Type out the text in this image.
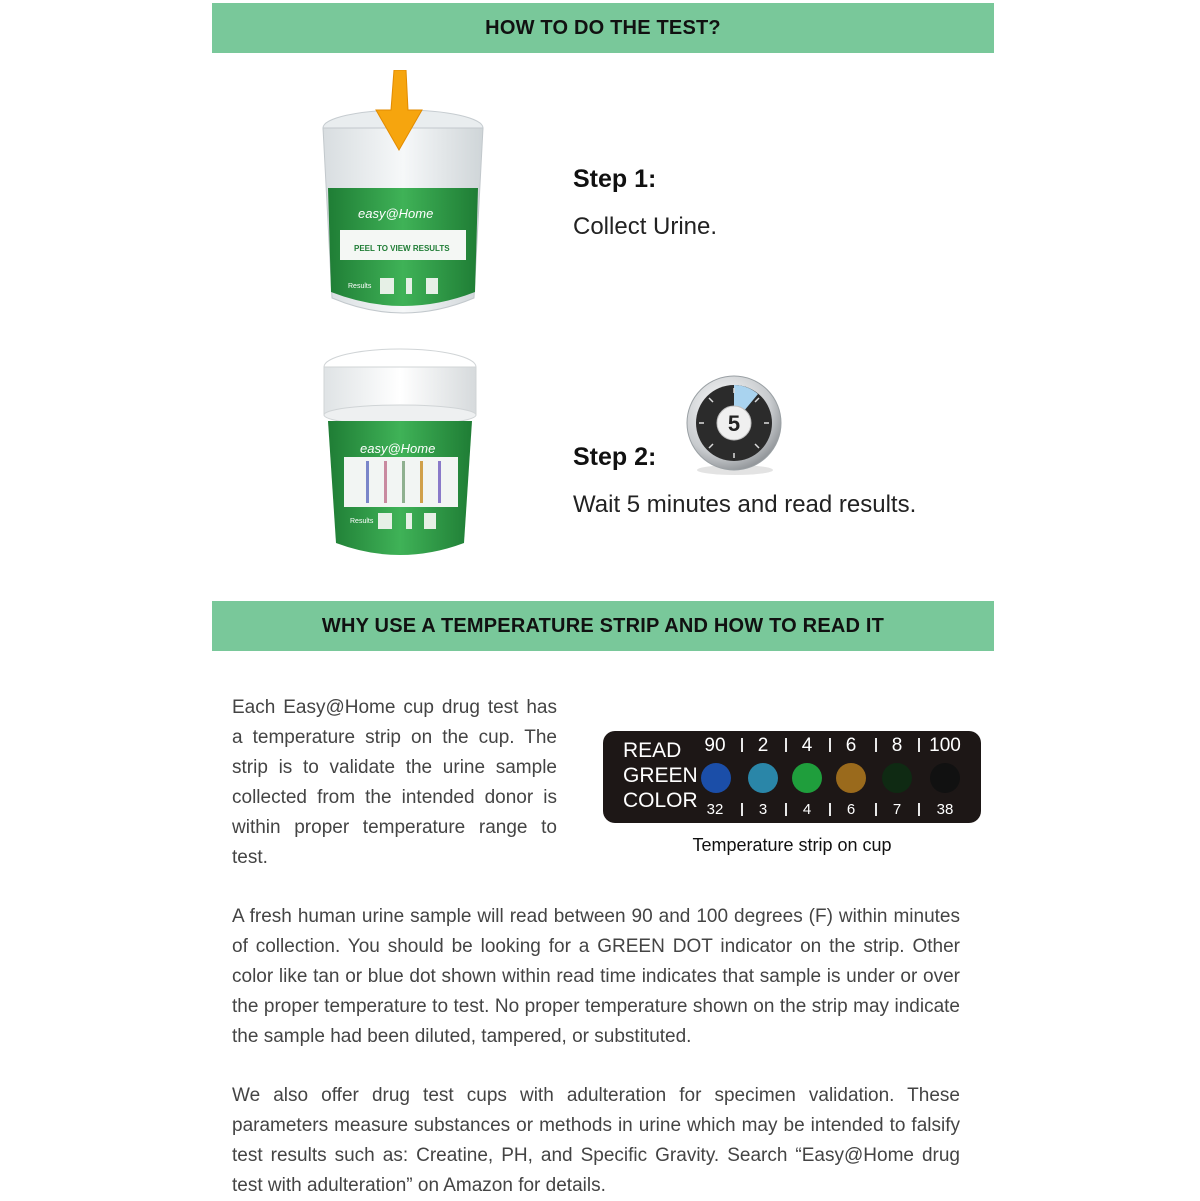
HOW TO DO THE TEST?
easy@Home
PEEL TO VIEW RESULTS
Results
Step 1:
Collect Urine.
easy@Home
Results
5
Step 2:
Wait 5 minutes and read results.
WHY USE A TEMPERATURE STRIP AND HOW TO READ IT
Each Easy@Home cup drug test has a temperature strip on the cup. The strip is to validate the urine sample collected from the intended donor is within proper temperature range to test.
READ
GREEN
COLOR
90 2 4 6 8 100
32	3	4	6	7	38
Temperature strip on cup
A fresh human urine sample will read between 90 and 100 degrees (F) within minutes of collection. You should be looking for a GREEN DOT indicator on the strip. Other color like tan or blue dot shown within read time indicates that sample is under or over the proper temperature to test. No proper temperature shown on the strip may indicate the sample had been diluted, tampered, or substituted.
We also offer drug test cups with adulteration for specimen validation. These parameters measure substances or methods in urine which may be intended to falsify test results such as: Creatine, PH, and Specific Gravity. Search “Easy@Home drug test with adulteration” on Amazon for details.
